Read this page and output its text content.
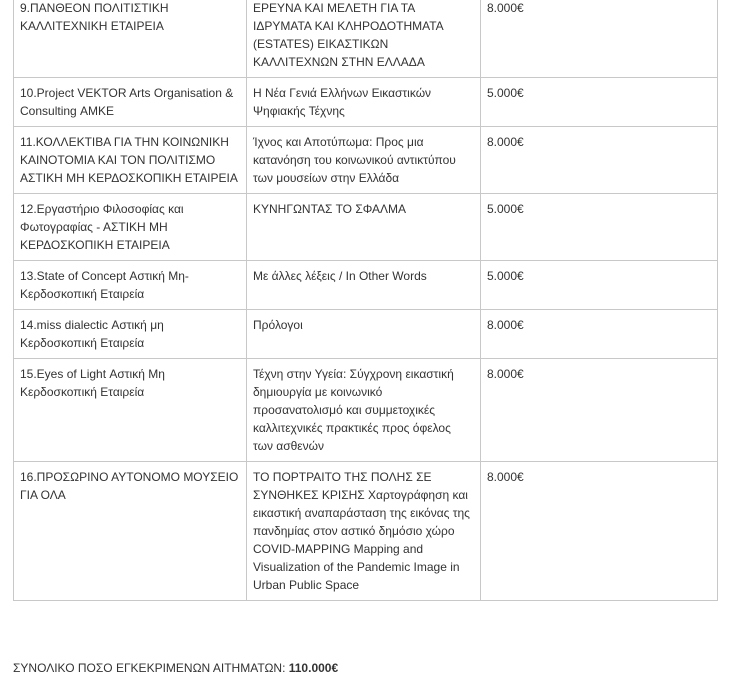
9.ΠΑΝΘΕΟΝ ΠΟΛΙΤΙΣΤΙΚΗ ΚΑΛΛΙΤΕΧΝΙΚΗ ΕΤΑΙΡΕΙΑ	ΕΡΕΥΝΑ ΚΑΙ ΜΕΛΕΤΗ ΓΙΑ ΤΑ ΙΔΡΥΜΑΤΑ ΚΑΙ ΚΛΗΡΟΔΟΤΗΜΑΤΑ (ESTATES) ΕΙΚΑΣΤΙΚΩΝ ΚΑΛΛΙΤΕΧΝΩΝ ΣΤΗΝ ΕΛΛΑΔΑ	8.000€
10.Project VEKTOR Arts Organisation & Consulting ΑΜΚΕ	Η Νέα Γενιά Ελλήνων Εικαστικών Ψηφιακής Τέχνης	5.000€
11.ΚΟΛΛΕΚΤΙΒΑ ΓΙΑ ΤΗΝ ΚΟΙΝΩΝΙΚΗ ΚΑΙΝΟΤΟΜΙΑ ΚΑΙ ΤΟΝ ΠΟΛΙΤΙΣΜΟ ΑΣΤΙΚΗ ΜΗ ΚΕΡΔΟΣΚΟΠΙΚΗ ΕΤΑΙΡΕΙΑ	Ίχνος και Αποτύπωμα: Προς μια κατανόηση του κοινωνικού αντικτύπου των μουσείων στην Ελλάδα	8.000€
12.Εργαστήριο Φιλοσοφίας και Φωτογραφίας - ΑΣΤΙΚΗ ΜΗ ΚΕΡΔΟΣΚΟΠΙΚΗ ΕΤΑΙΡΕΙΑ	ΚΥΝΗΓΩΝΤΑΣ ΤΟ ΣΦΑΛΜΑ	5.000€
13.State of Concept Αστική Μη-Κερδοσκοπική Εταιρεία	Με άλλες λέξεις / In Other Words	5.000€
14.miss dialectic Αστική μη Κερδοσκοπική Εταιρεία	Πρόλογοι	8.000€
15.Eyes of Light Αστική Μη Κερδοσκοπική Εταιρεία	Τέχνη στην Υγεία: Σύγχρονη εικαστική δημιουργία με κοινωνικό προσανατολισμό και συμμετοχικές καλλιτεχνικές πρακτικές προς όφελος των ασθενών	8.000€
16.ΠΡΟΣΩΡΙΝΟ ΑΥΤΟΝΟΜΟ ΜΟΥΣΕΙΟ ΓΙΑ ΟΛΑ	ΤΟ ΠΟΡΤΡΑΙΤΟ ΤΗΣ ΠΟΛΗΣ ΣΕ ΣΥΝΘΗΚΕΣ ΚΡΙΣΗΣ Χαρτογράφηση και εικαστική αναπαράσταση της εικόνας της πανδημίας στον αστικό δημόσιο χώρο COVID-MAPPING Mapping and Visualization of the Pandemic Image in Urban Public Space	8.000€
ΣΥΝΟΛΙΚΟ ΠΟΣΟ ΕΓΚΕΚΡΙΜΕΝΩΝ ΑΙΤΗΜΑΤΩΝ: 110.000€
